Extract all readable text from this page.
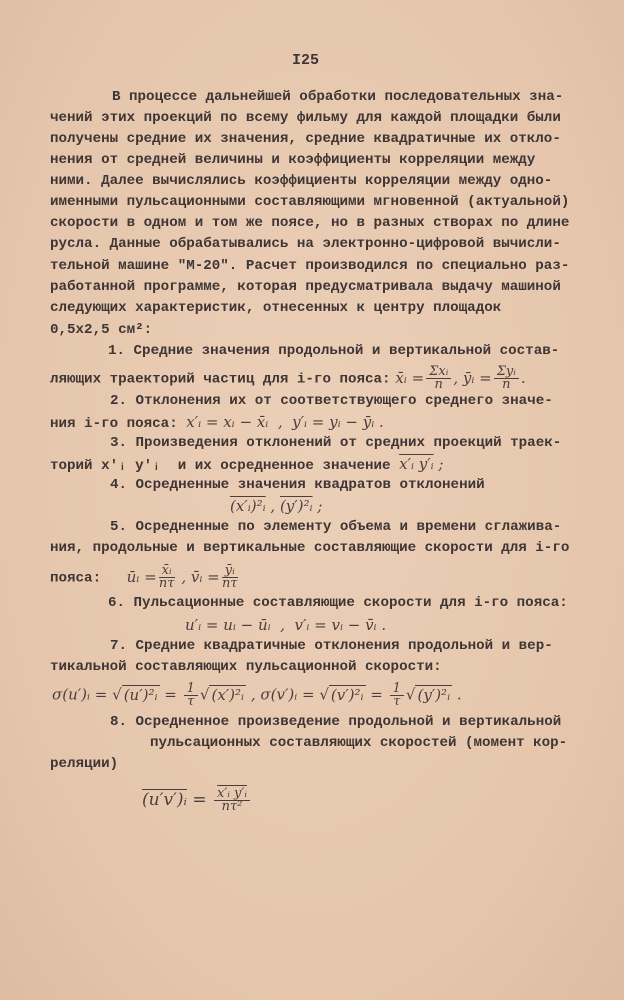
I25
В процессе дальнейшей обработки последовательных зна-
чений этих проекций по всему фильму для каждой площадки были
получены средние их значения, средние квадратичные их откло-
нения от средней величины и коэффициенты корреляции между
ними. Далее вычислялись коэффициенты корреляции между одно-
именными пульсационными составляющими мгновенной (актуальной)
скорости в одном и том же поясе, но в разных створах по длине
русла. Данные обрабатывались на электронно-цифровой вычисли-
тельной машине "М-20". Расчет производился по специально раз-
работанной программе, которая предусматривала выдачу машиной
следующих характеристик, отнесенных к центру площадок
0,5x2,5 см²:
1. Средние значения продольной и вертикальной состав-
ляющих траекторий частиц для i-го пояса: x̄ᵢ = $\frac{\text{Σxᵢ}}{n}$ , ȳᵢ = $\frac{\text{Σyᵢ}}{n}$ .
2. Отклонения их от соответствующего среднего значе-
ния i-го пояса: x′ᵢ = xᵢ − x̄ᵢ  ,  y′ᵢ = yᵢ − ȳᵢ .
3. Произведения отклонений от средних проекций траек-
торий x′ᵢ y′ᵢ  и их осредненное значение x′ᵢ y′ᵢ ;
4. Осредненные значения квадратов отклонений
(x′ᵢ)²ᵢ , (y′)²ᵢ ;
5. Осредненные по элементу объема и времени сглажива-
ния, продольные и вертикальные составляющие скорости для i-го
пояса: ūᵢ = $\frac{\text{x̄ᵢ}}{n\tau}$ , v̄ᵢ = $\frac{\text{ȳᵢ}}{n\tau}$
6. Пульсационные составляющие скорости для i-го пояса:
u′ᵢ = uᵢ − ūᵢ  ,  v′ᵢ = vᵢ − v̄ᵢ .
7. Средние квадратичные отклонения продольной и вер-
тикальной составляющих пульсационной скорости:
σ(u′)ᵢ = √ (u′)²ᵢ = $\frac{1}{\tau}$ √ (x′)²ᵢ , σ(v′)ᵢ = √ (v′)²ᵢ = $\frac{1}{\tau}$ √ (y′)²ᵢ .
8. Осредненное произведение продольной и вертикальной
пульсационных составляющих скоростей (момент кор-
реляции)
(u′v′)ᵢ = $\frac{\text{x′ᵢ y′ᵢ}}{\text{nτ²}}$
